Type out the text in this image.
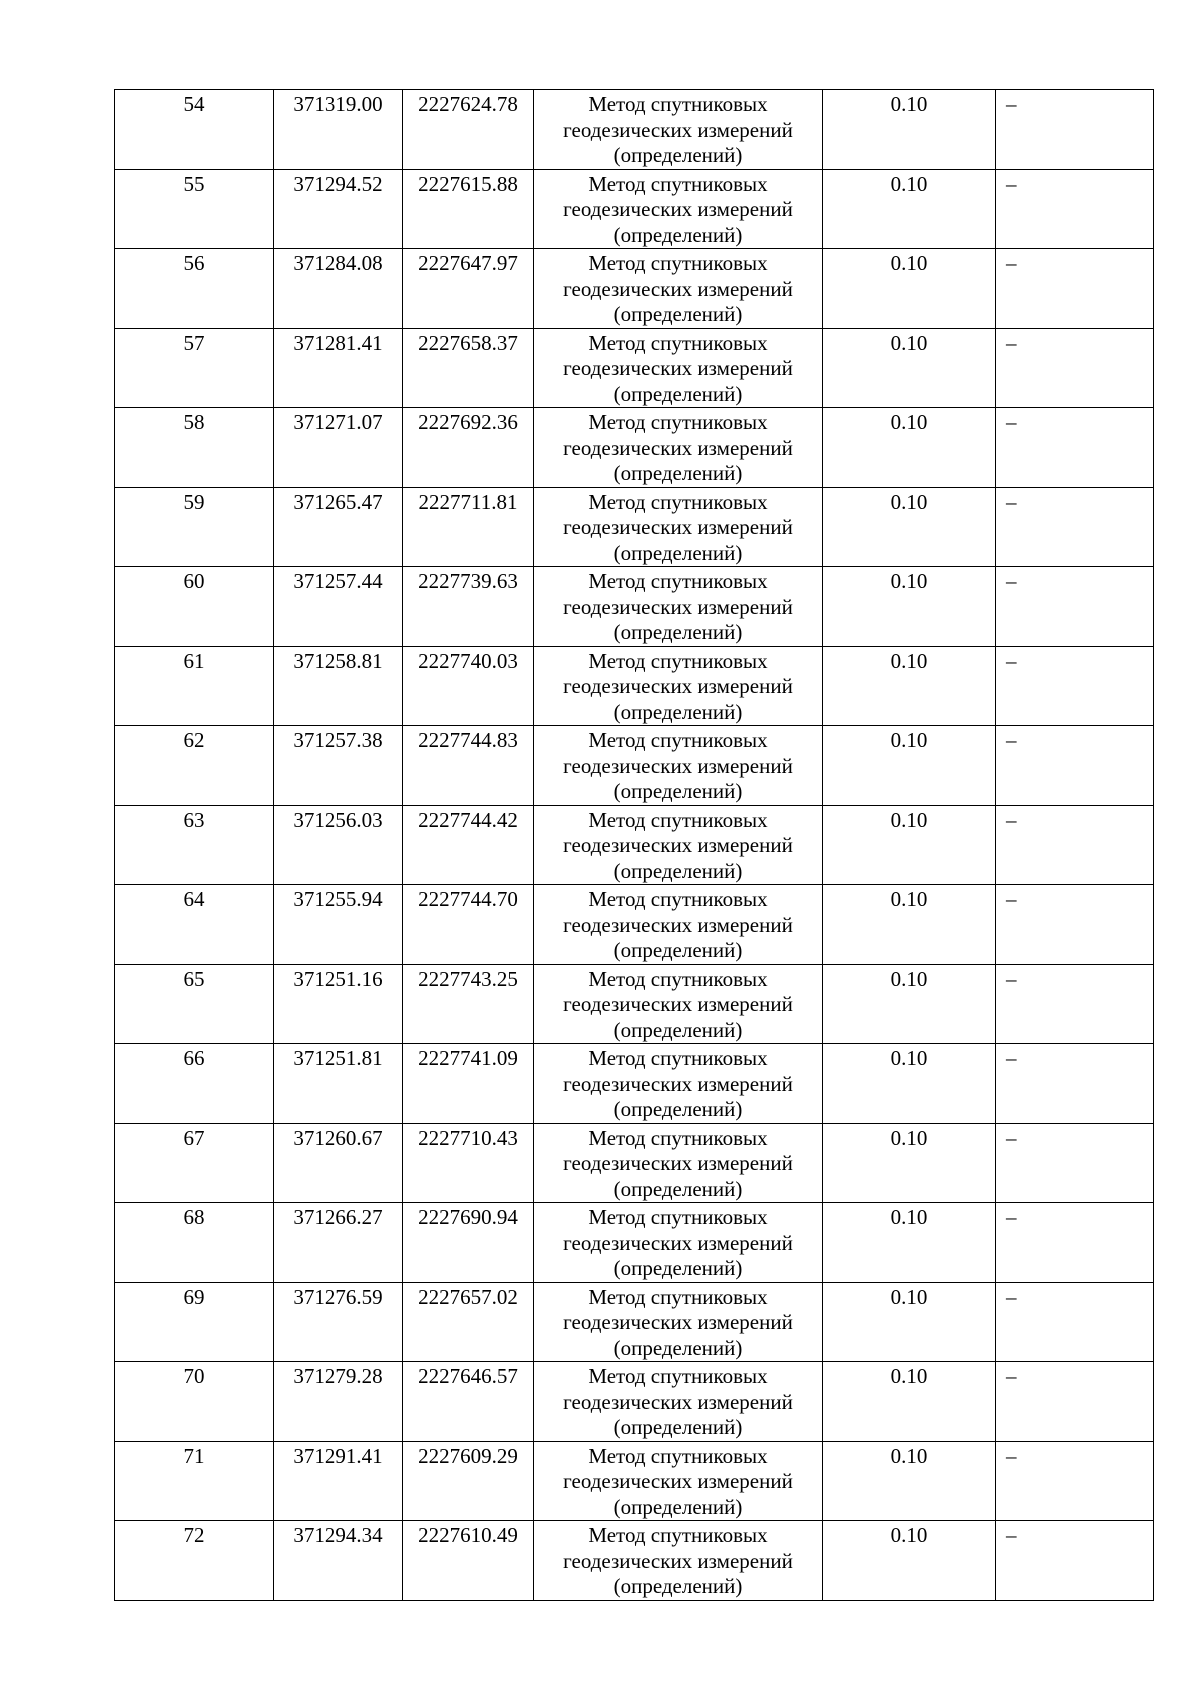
54	371319.00	2227624.78	Метод спутниковых геодезических измерений (определений)	0.10	–
55	371294.52	2227615.88	Метод спутниковых геодезических измерений (определений)	0.10	–
56	371284.08	2227647.97	Метод спутниковых геодезических измерений (определений)	0.10	–
57	371281.41	2227658.37	Метод спутниковых геодезических измерений (определений)	0.10	–
58	371271.07	2227692.36	Метод спутниковых геодезических измерений (определений)	0.10	–
59	371265.47	2227711.81	Метод спутниковых геодезических измерений (определений)	0.10	–
60	371257.44	2227739.63	Метод спутниковых геодезических измерений (определений)	0.10	–
61	371258.81	2227740.03	Метод спутниковых геодезических измерений (определений)	0.10	–
62	371257.38	2227744.83	Метод спутниковых геодезических измерений (определений)	0.10	–
63	371256.03	2227744.42	Метод спутниковых геодезических измерений (определений)	0.10	–
64	371255.94	2227744.70	Метод спутниковых геодезических измерений (определений)	0.10	–
65	371251.16	2227743.25	Метод спутниковых геодезических измерений (определений)	0.10	–
66	371251.81	2227741.09	Метод спутниковых геодезических измерений (определений)	0.10	–
67	371260.67	2227710.43	Метод спутниковых геодезических измерений (определений)	0.10	–
68	371266.27	2227690.94	Метод спутниковых геодезических измерений (определений)	0.10	–
69	371276.59	2227657.02	Метод спутниковых геодезических измерений (определений)	0.10	–
70	371279.28	2227646.57	Метод спутниковых геодезических измерений (определений)	0.10	–
71	371291.41	2227609.29	Метод спутниковых геодезических измерений (определений)	0.10	–
72	371294.34	2227610.49	Метод спутниковых геодезических измерений (определений)	0.10	–
